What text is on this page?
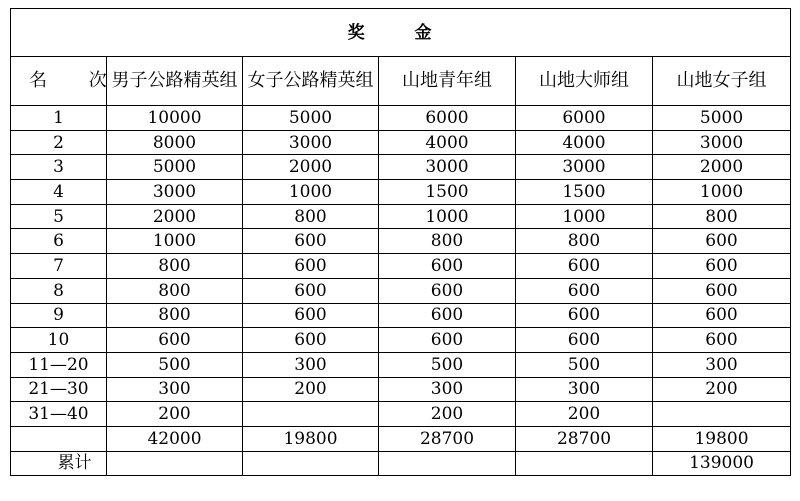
奖 金					
名 次	男子公路精英组	女子公路精英组	山地青年组	山地大师组	山地女子组
1	10000	5000	6000	6000	5000
2	8000	3000	4000	4000	3000
3	5000	2000	3000	3000	2000
4	3000	1000	1500	1500	1000
5	2000	800	1000	1000	800
6	1000	600	800	800	600
7	800	600	600	600	600
8	800	600	600	600	600
9	800	600	600	600	600
10	600	600	600	600	600
11—20	500	300	500	500	300
21—30	300	200	300	300	200
31—40	200		200	200	
	42000	19800	28700	28700	19800
累计					139000
